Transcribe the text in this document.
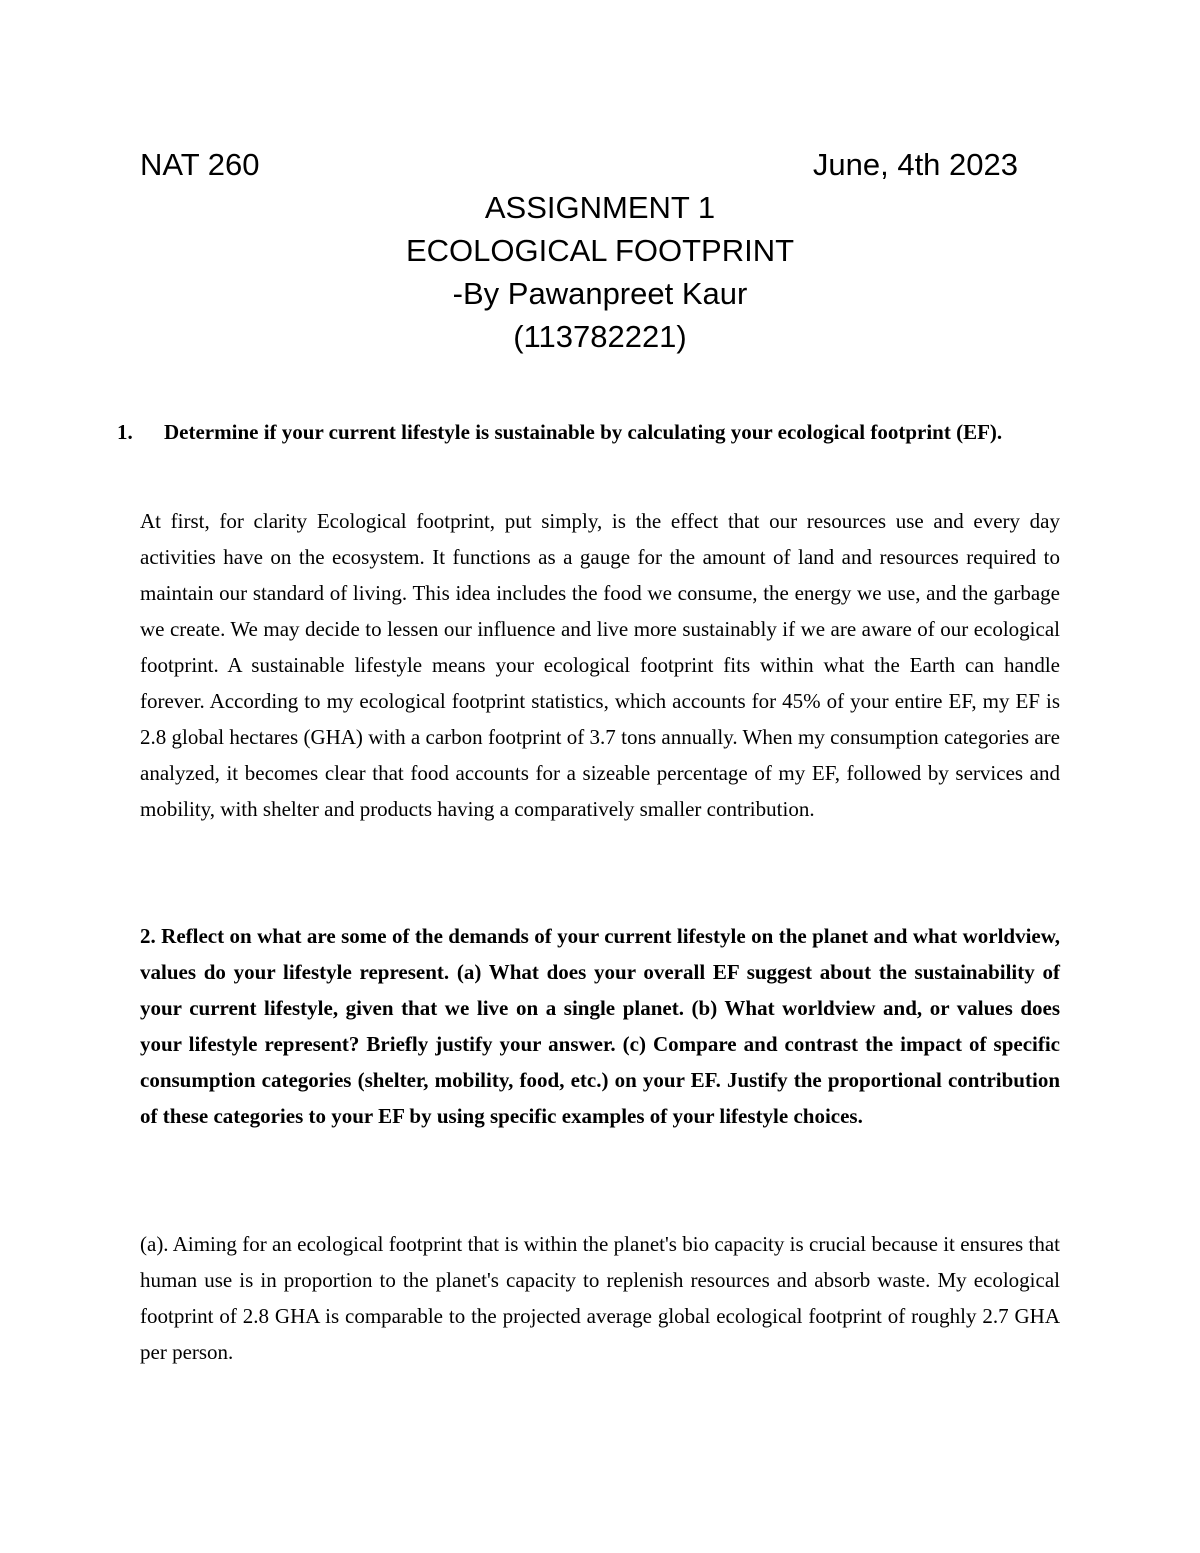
NAT 260	June, 4th 2023
ASSIGNMENT 1
ECOLOGICAL FOOTPRINT
-By Pawanpreet Kaur
(113782221)

1. Determine if your current lifestyle is sustainable by calculating your ecological footprint (EF).

At first, for clarity Ecological footprint, put simply, is the effect that our resources use and every day activities have on the ecosystem. It functions as a gauge for the amount of land and resources required to maintain our standard of living. This idea includes the food we consume, the energy we use, and the garbage we create. We may decide to lessen our influence and live more sustainably if we are aware of our ecological footprint. A sustainable lifestyle means your ecological footprint fits within what the Earth can handle forever. According to my ecological footprint statistics, which accounts for 45% of your entire EF, my EF is 2.8 global hectares (GHA) with a carbon footprint of 3.7 tons annually. When my consumption categories are analyzed, it becomes clear that food accounts for a sizeable percentage of my EF, followed by services and mobility, with shelter and products having a comparatively smaller contribution.

2. Reflect on what are some of the demands of your current lifestyle on the planet and what worldview, values do your lifestyle represent. (a) What does your overall EF suggest about the sustainability of your current lifestyle, given that we live on a single planet. (b) What worldview and, or values does your lifestyle represent? Briefly justify your answer. (c) Compare and contrast the impact of specific consumption categories (shelter, mobility, food, etc.) on your EF. Justify the proportional contribution of these categories to your EF by using specific examples of your lifestyle choices.

(a). Aiming for an ecological footprint that is within the planet's bio capacity is crucial because it ensures that human use is in proportion to the planet's capacity to replenish resources and absorb waste. My ecological footprint of 2.8 GHA is comparable to the projected average global ecological footprint of roughly 2.7 GHA per person.
